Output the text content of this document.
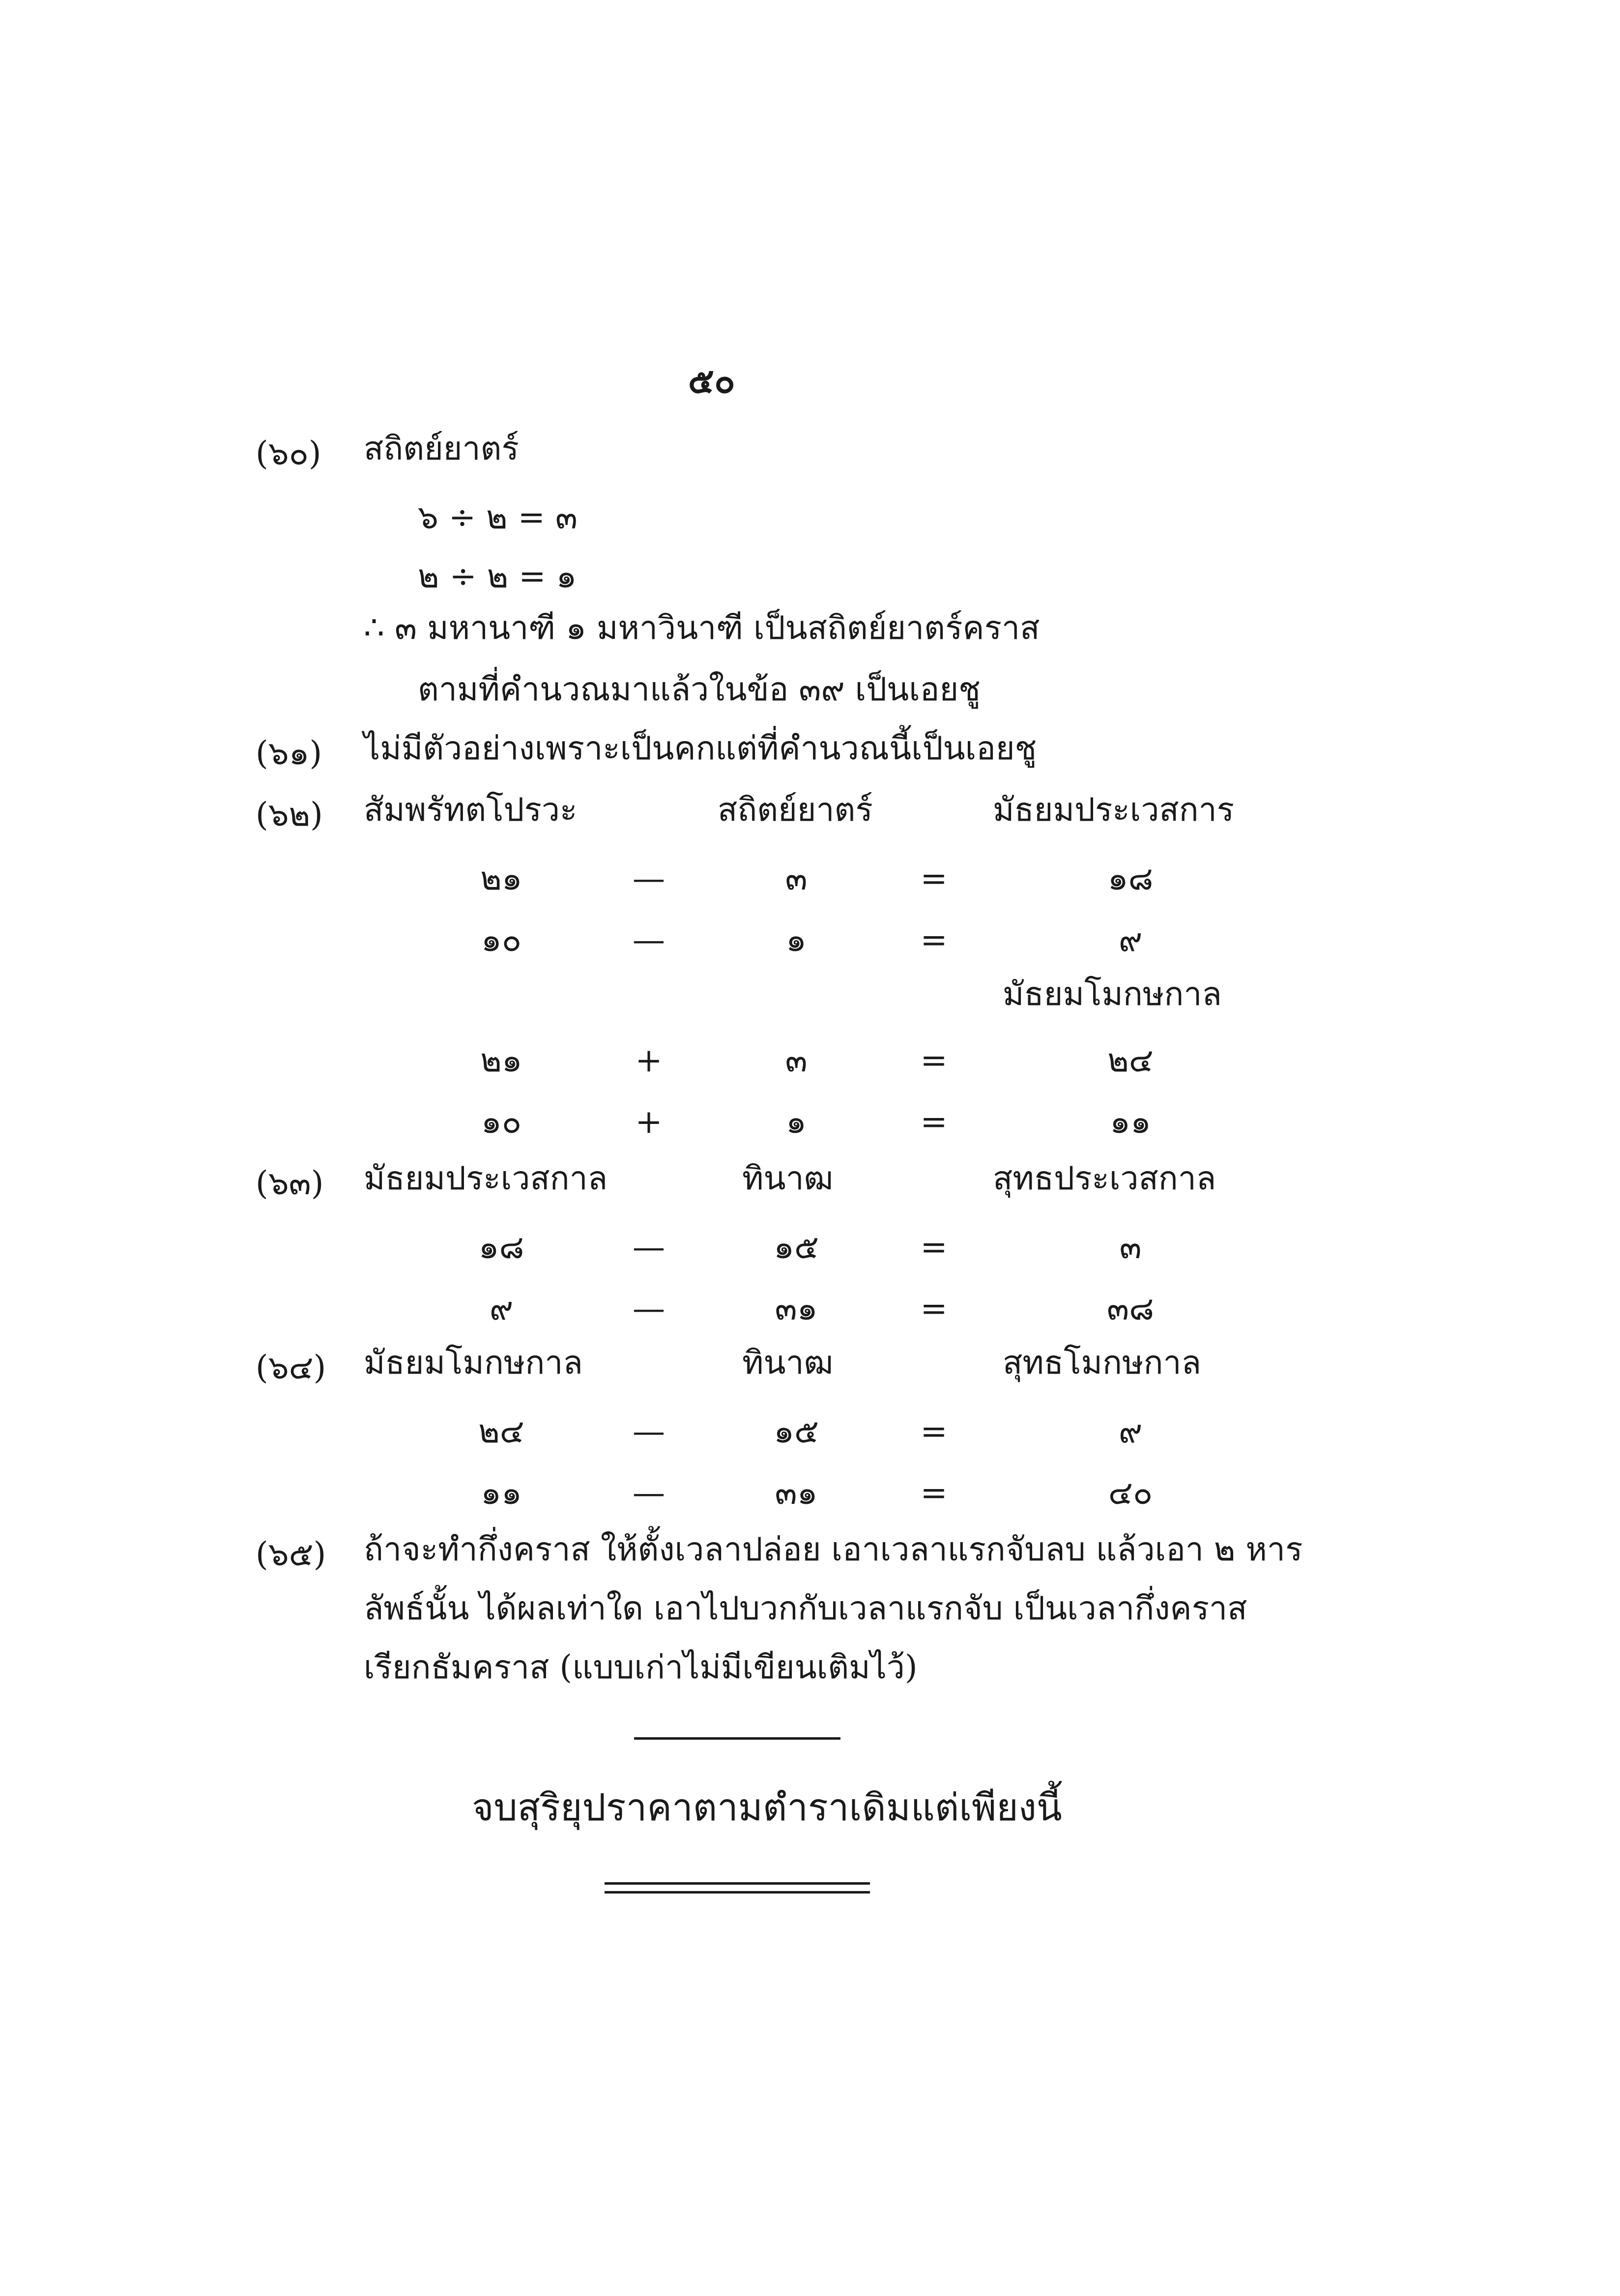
๕๐
(๖๐) สถิตย์ยาตร์
๖ ÷ ๒ = ๓
๒ ÷ ๒ = ๑
∴ ๓ มหานาฑี ๑ มหาวินาฑี เป็นสถิตย์ยาตร์คราส
ตามที่คำนวณมาแล้วในข้อ ๓๙ เป็นเอยชู
(๖๑) ไม่มีตัวอย่างเพราะเป็นคกแต่ที่คำนวณนี้เป็นเอยชู
(๖๒) สัมพรัทตโปรวะ	สถิตย์ยาตร์	มัธยมประเวสการ
๒๑	—	๓	=	๑๘
๑๐	—	๑	=	๙
มัธยมโมกษกาล
๒๑	+	๓	=	๒๔
๑๐	+	๑	=	๑๑
(๖๓) มัธยมประเวสกาล	ทินาฒ	สุทธประเวสกาล
๑๘	—	๑๕	=	๓
๙	—	๓๑	=	๓๘
(๖๔) มัธยมโมกษกาล	ทินาฒ	สุทธโมกษกาล
๒๔	—	๑๕	=	๙
๑๑	—	๓๑	=	๔๐
(๖๕) ถ้าจะทำกึ่งคราส ให้ตั้งเวลาปล่อย เอาเวลาแรกจับลบ แล้วเอา ๒ หาร
ลัพธ์นั้น ได้ผลเท่าใด เอาไปบวกกับเวลาแรกจับ เป็นเวลากึ่งคราส
เรียกธัมคราส (แบบเก่าไม่มีเขียนเติมไว้)
จบสุริยุปราคาตามตำราเดิมแต่เพียงนี้
